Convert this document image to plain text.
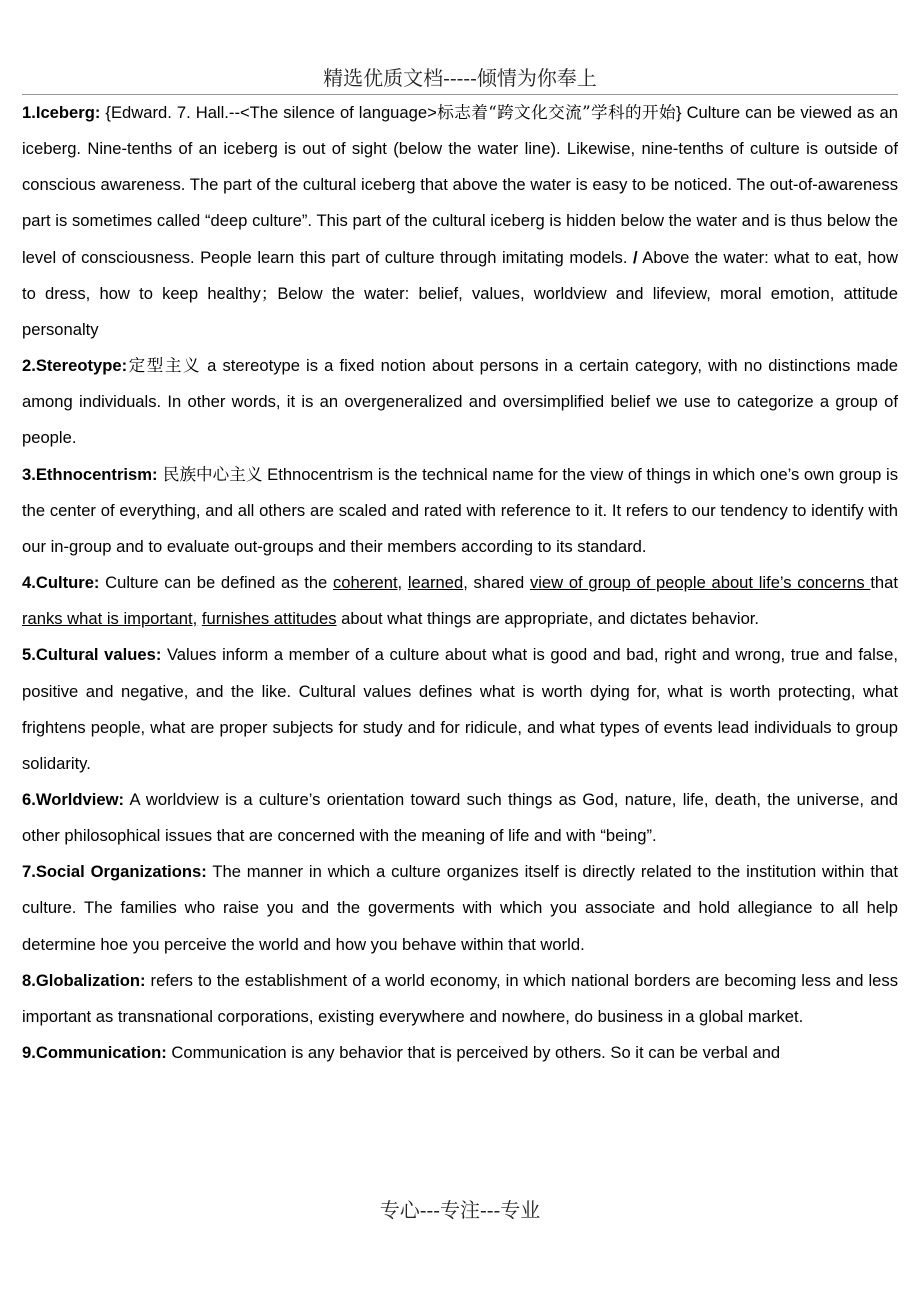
精选优质文档-----倾情为你奉上

1.Iceberg: {Edward. 7. Hall.--<The silence of language>标志着“跨文化交流”学科的开始} Culture can be viewed as an iceberg. Nine-tenths of an iceberg is out of sight (below the water line). Likewise, nine-tenths of culture is outside of conscious awareness. The part of the cultural iceberg that above the water is easy to be noticed. The out-of-awareness part is sometimes called “deep culture”. This part of the cultural iceberg is hidden below the water and is thus below the level of consciousness. People learn this part of culture through imitating models. / Above the water: what to eat, how to dress, how to keep healthy；Below the water: belief, values, worldview and lifeview, moral emotion, attitude personalty

2.Stereotype:定型主义 a stereotype is a fixed notion about persons in a certain category, with no distinctions made among individuals. In other words, it is an overgeneralized and oversimplified belief we use to categorize a group of people.

3.Ethnocentrism: 民族中心主义 Ethnocentrism is the technical name for the view of things in which one’s own group is the center of everything, and all others are scaled and rated with reference to it. It refers to our tendency to identify with our in-group and to evaluate out-groups and their members according to its standard.

4.Culture: Culture can be defined as the coherent, learned, shared view of group of people about life’s concerns that ranks what is important, furnishes attitudes about what things are appropriate, and dictates behavior.

5.Cultural values: Values inform a member of a culture about what is good and bad, right and wrong, true and false, positive and negative, and the like. Cultural values defines what is worth dying for, what is worth protecting, what frightens people, what are proper subjects for study and for ridicule, and what types of events lead individuals to group solidarity.

6.Worldview: A worldview is a culture’s orientation toward such things as God, nature, life, death, the universe, and other philosophical issues that are concerned with the meaning of life and with “being”.

7.Social Organizations: The manner in which a culture organizes itself is directly related to the institution within that culture. The families who raise you and the goverments with which you associate and hold allegiance to all help determine hoe you perceive the world and how you behave within that world.

8.Globalization: refers to the establishment of a world economy, in which national borders are becoming less and less important as transnational corporations, existing everywhere and nowhere, do business in a global market.

9.Communication: Communication is any behavior that is perceived by others. So it can be verbal and

专心---专注---专业
